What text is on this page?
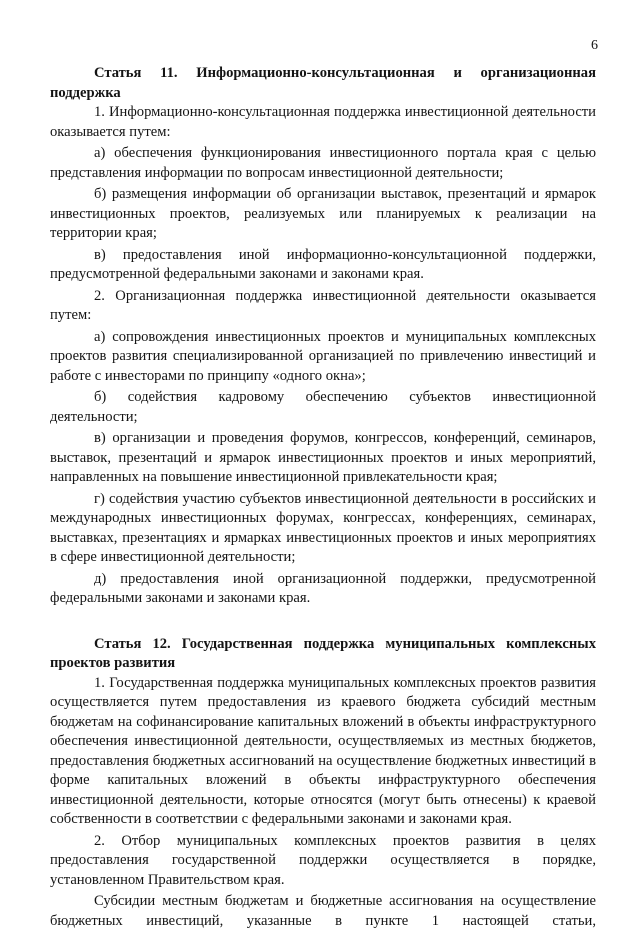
6
Статья 11. Информационно-консультационная и организационная поддержка

1. Информационно-консультационная поддержка инвестиционной деятельности оказывается путем:

а) обеспечения функционирования инвестиционного портала края с целью представления информации по вопросам инвестиционной деятельности;

б) размещения информации об организации выставок, презентаций и ярмарок инвестиционных проектов, реализуемых или планируемых к реализации на территории края;

в) предоставления иной информационно-консультационной поддержки, предусмотренной федеральными законами и законами края.

2. Организационная поддержка инвестиционной деятельности оказывается путем:

а) сопровождения инвестиционных проектов и муниципальных комплексных проектов развития специализированной организацией по привлечению инвестиций и работе с инвесторами по принципу «одного окна»;

б) содействия кадровому обеспечению субъектов инвестиционной деятельности;

в) организации и проведения форумов, конгрессов, конференций, семинаров, выставок, презентаций и ярмарок инвестиционных проектов и иных мероприятий, направленных на повышение инвестиционной привлекательности края;

г) содействия участию субъектов инвестиционной деятельности в российских и международных инвестиционных форумах, конгрессах, конференциях, семинарах, выставках, презентациях и ярмарках инвестиционных проектов и иных мероприятиях в сфере инвестиционной деятельности;

д) предоставления иной организационной поддержки, предусмотренной федеральными законами и законами края.

Статья 12. Государственная поддержка муниципальных комплексных проектов развития

1. Государственная поддержка муниципальных комплексных проектов развития осуществляется путем предоставления из краевого бюджета субсидий местным бюджетам на софинансирование капитальных вложений в объекты инфраструктурного обеспечения инвестиционной деятельности, осуществляемых из местных бюджетов, предоставления бюджетных ассигнований на осуществление бюджетных инвестиций в форме капитальных вложений в объекты инфраструктурного обеспечения инвестиционной деятельности, которые относятся (могут быть отнесены) к краевой собственности в соответствии с федеральными законами и законами края.

2. Отбор муниципальных комплексных проектов развития в целях предоставления государственной поддержки осуществляется в порядке, установленном Правительством края.

Субсидии местным бюджетам и бюджетные ассигнования на осуществление бюджетных инвестиций, указанные в пункте 1 настоящей статьи,
